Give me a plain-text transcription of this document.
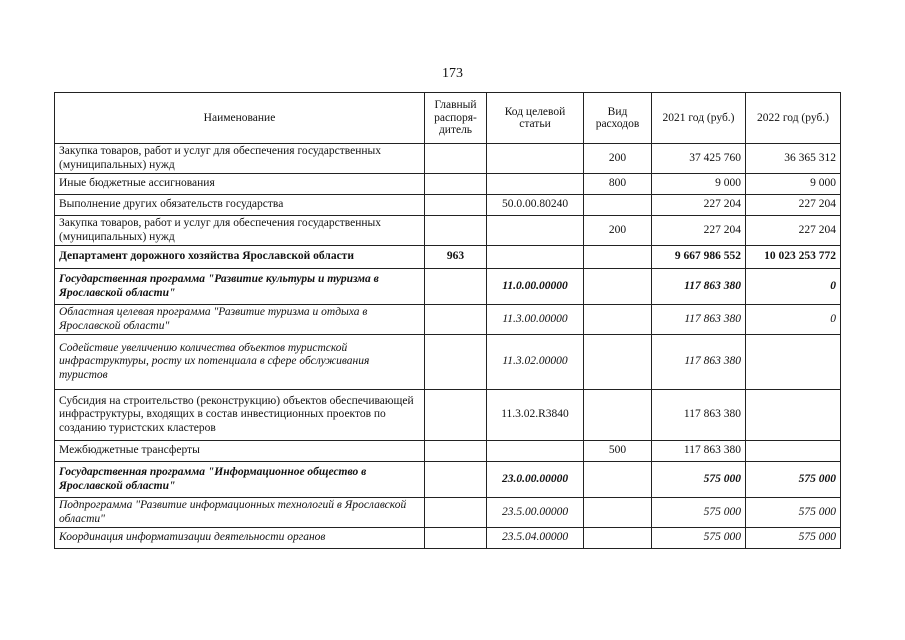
173
Наименование	Главный распоря-дитель	Код целевой статьи	Вид расходов	2021 год (руб.)	2022 год (руб.)
Закупка товаров, работ и услуг для обеспечения государственных (муниципальных) нужд			200	37 425 760	36 365 312
Иные бюджетные ассигнования			800	9 000	9 000
Выполнение других обязательств государства		50.0.00.80240		227 204	227 204
Закупка товаров, работ и услуг для обеспечения государственных (муниципальных) нужд			200	227 204	227 204
Департамент дорожного хозяйства Ярославской области	963			9 667 986 552	10 023 253 772
Государственная программа "Развитие культуры и туризма в Ярославской области"		11.0.00.00000		117 863 380	0
Областная целевая программа "Развитие туризма и отдыха в Ярославской области"		11.3.00.00000		117 863 380	0
Содействие увеличению количества объектов туристской инфраструктуры, росту их потенциала в сфере обслуживания туристов		11.3.02.00000		117 863 380	
Субсидия на строительство (реконструкцию) объектов обеспечивающей инфраструктуры, входящих в состав инвестиционных проектов по созданию туристских кластеров		11.3.02.R3840		117 863 380	
Межбюджетные трансферты			500	117 863 380	
Государственная программа "Информационное общество в Ярославской области"		23.0.00.00000		575 000	575 000
Подпрограмма "Развитие информационных технологий в Ярославской области"		23.5.00.00000		575 000	575 000
Координация информатизации деятельности органов		23.5.04.00000		575 000	575 000
